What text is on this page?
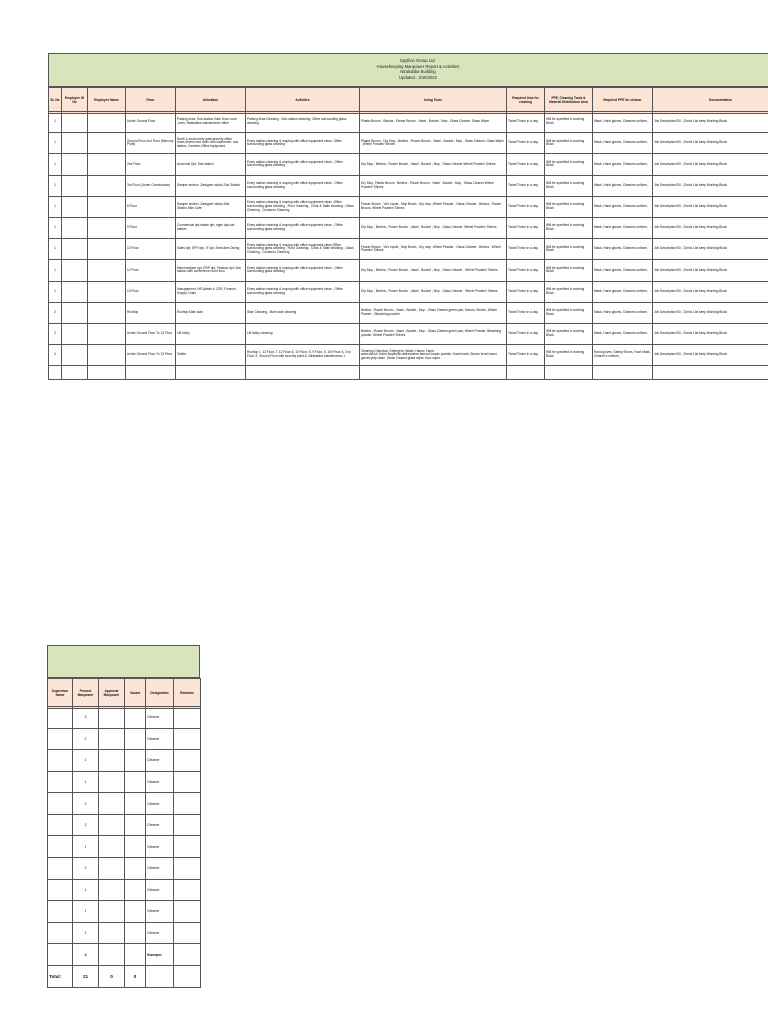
Epyllion Group Ltd.
Housekeeping Manpower Report & Activities
Nirakabba Building
Updated : 3/15/2022
SL No	Employee ID No	Employee Name	Floor	Allocation	Activities	Using Tools	Required time for cleaning	PPE, Cleaning Tools & Material Distribution Area	Required PPE for cleaner	Documentation
1			Under Ground Floor	Parking Area, Sub-station,Gate Door room ,Lens, Nirakabba maintenance office	Parking Area Cleaning , Sub-station cleaning ,Office surrounding glass cleaning	Plastic Broom , Betcha , Flower Broom , Vasel , Bucket , Mop , Glass Cleaner, Glass Wiper	Twice/Thrice in a day	Will be specified in working Block	Mask, Hand gloves, Cleaners uniform,	Job Description/SIl , Check List keep Working Block
1			Ground Floor,2nd Floor (Mercury Point)	North & south entry gate,security office room,drivers rest room with washroom, sub-station, Canteen,Office equipment	Every station cleaning & moping with office equipment clean, Office surrounding glass cleaning	Plastic Broom , Dry Mop , Betcha , Flower Broom , Vasel , Bucket , Mop , Glass Cleaner, Glass Wiper , Wheel Powder/ Shines	Twice/Thrice in a day	Will be specified in working Block	Mask, Hand gloves, Cleaners uniform,	Job Description/SIl , Check List keep Working Block
1			2nd Floor	Accounts Dpt, Sub station	Every station cleaning & moping with office equipment clean , Office surrounding glass cleaning	Dry Mop , Betcha , Flower Broom , Vasel , Bucket , Mop , Glass Cleaner,Wheel Powder/ Shines	Twice/Thrice in a day	Will be specified in working Block	Mask, Hand gloves, Cleaners uniform,	Job Description/SIl , Check List keep Working Block
1			3rd Floor (Under Construction)	Sample section ,Designer studio,Sub Station	Every station cleaning & moping with office equipment clean , Office surrounding glass cleaning	Dry Mop, Plastic Broom , Betcha , Flower Broom , Vasel , Bucket , Mop , Glass Cleaner,Wheel Powder/ Shines	Twice/Thrice in a day	Will be specified in working Block	Mask, Hand gloves, Cleaners uniform,	Job Description/SIl , Check List keep Working Block
1			8 Floor	Sample section ,Designer studio,Sub Station,Slim Cafe	Every station cleaning & moping with office equipment clean ,Office surrounding glass cleaning , Floor Cleaning , Chair & Table cleaning , Glass Cleaning , Cockaroo Cleaning	Flower Broom , Vim Liquid , Mop Brush , Dry mop ,Wheel Powder , Glass Cleaner , Betcha , Flower Broom, Wheel Powder/ Shines	Twice/Thrice in a day	Will be specified in working Block	Mask, Hand gloves, Cleaners uniform,	Job Description/SIl , Check List keep Working Block
1			9 Floor	Commercial dpt,estate dpt, ngen dpt,sub station	Every station cleaning & moping with office equipment clean , Office surrounding glass cleaning	Dry Mop , Betcha , Flower Broom , Vasel , Bucket , Mop , Glass Cleaner, Wheel Powder/ Shines	Twice/Thrice in a day	Will be specified in working Block	Mask, Hand gloves, Cleaners uniform,	Job Description/SIl , Check List keep Working Block
1			10 Floor	Sales dpt, EPH dpt, IT dpt, Executive Dining	Every station cleaning & moping with office equipment clean,Office surrounding glass cleaning , Floor Cleaning , Chair & Table cleaning , Glass Cleaning , Cockaroo Cleaning	Flower Broom , Vim Liquid , Mop Brush , Dry mop ,Wheel Powder , Glass Cleaner , Betcha , Wheel Powder/ Shines	Twice/Thrice in a day	Will be specified in working Block	Mask, Hand gloves, Cleaners uniform,	Job Description/SIl , Check List keep Working Block
1			12 Floor	Merchandiser dpt, ERP dpt, Finance dpt, Sub station with conference room floor	Every station cleaning & moping with office equipment clean , Office surrounding glass cleaning	Dry Mop , Betcha , Flower Broom , Vasel , Bucket , Mop , Glass Cleaner , Wheel Powder/ Shines	Twice/Thrice in a day	Will be specified in working Block	Mask, Hand gloves, Cleaners uniform,	Job Description/SIl , Check List keep Working Block
1			13 Floor	Management, HR,Admin & CSR, Finance , Supply Chain	Every station cleaning & moping with office equipment clean , Office surrounding glass cleaning	Dry Mop , Betcha , Flower Broom , Vasel , Bucket , Mop , Glass Cleaner , Wheel Powder/ Shines	Twice/Thrice in a day	Will be specified in working Block	Mask, Hand gloves, Cleaners uniform,	Job Description/SIl , Check List keep Working Block
2			Rooftop	Rooftop,Main stair	Stair Cleaning , Main stair cleaning	Betcha , Flower Broom , Vasel , Bucket , Mop , Glass Cleaner,green pad, Savlon, Shines, Wheel Powder , Bleaching powder	Twice/Thrice in a day	Will be specified in working Block	Mask, Hand gloves, Cleaners uniform,	Job Description/SIl , Check List keep Working Block
2			Under Ground Floor To 13 Floor	Lift lobby	Lift lobby cleaning	Betcha , Flower Broom , Vasel , Bucket , Mop , Glass Cleaner,green pad, Wheel Powder, Bleaching powder, Wheel Powder/ Shines	Twice/Thrice in a day	Will be specified in working Block	Mask, Hand gloves, Cleaners uniform,	Job Description/SIl , Check List keep Working Block
4			Under Ground Floor To 13 Floor	Toilets	Rooftop 1, 13 Floor-7, 12 Floor-6, 10 Floor- 5, 9 Floor- 5, 3rd Floor-5, 2nd Floor-3, Ground Floor with security point-6, Nirakabba maintenance-1	Cleaning Chemical, Detergent, Water, Harpic, Hand wash,Brush,Toiled,Napthelin,airfreshener,aerosol,harpic powder, Hand towel, Broom brush,hand gloves,jelly clean, Glass Cleaner,glass wiper, floor wiper.	Twice/Thrice in a day	Will be specified in working Block	Hand gloves, Safety Shoes, Face Mask, Cleaner's uniform,	Job Description/SIl , Check List keep Working Block

Supervisor Name	Present Manpower	Approval Manpower	Vacant	Designation	Remarks
	3			Cleaner	
	2			Cleaner	
	1			Cleaner	
	1			Cleaner	
	2			Cleaner	
	2			Cleaner	
	1			Cleaner	
	2			Cleaner	
	1			Cleaner	
	1			Cleaner	
	1			Cleaner	
	4			Sweeper	
Total:	21	0	0		
